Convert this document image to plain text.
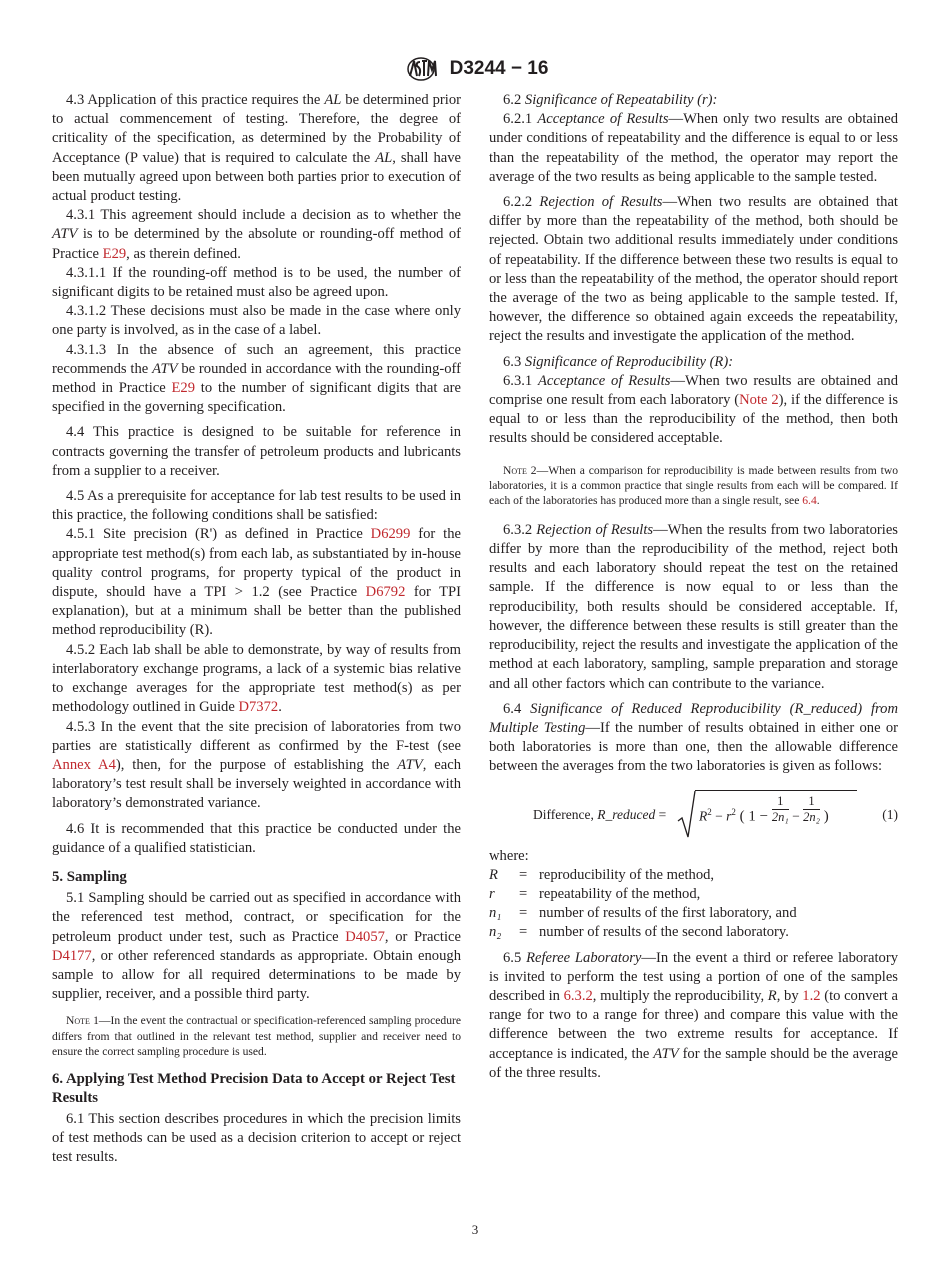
D3244 − 16

4.3 Application of this practice requires the AL be determined prior to actual commencement of testing. Therefore, the degree of criticality of the specification, as determined by the Probability of Acceptance (P value) that is required to calculate the AL, shall have been mutually agreed upon between both parties prior to execution of actual product testing.

4.3.1 This agreement should include a decision as to whether the ATV is to be determined by the absolute or rounding-off method of Practice E29, as therein defined.

4.3.1.1 If the rounding-off method is to be used, the number of significant digits to be retained must also be agreed upon.

4.3.1.2 These decisions must also be made in the case where only one party is involved, as in the case of a label.

4.3.1.3 In the absence of such an agreement, this practice recommends the ATV be rounded in accordance with the rounding-off method in Practice E29 to the number of significant digits that are specified in the governing specification.

4.4 This practice is designed to be suitable for reference in contracts governing the transfer of petroleum products and lubricants from a supplier to a receiver.

4.5 As a prerequisite for acceptance for lab test results to be used in this practice, the following conditions shall be satisfied:

4.5.1 Site precision (R') as defined in Practice D6299 for the appropriate test method(s) from each lab, as substantiated by in-house quality control programs, for property typical of the product in dispute, should have a TPI > 1.2 (see Practice D6792 for TPI explanation), but at a minimum shall be better than the published method reproducibility (R).

4.5.2 Each lab shall be able to demonstrate, by way of results from interlaboratory exchange programs, a lack of a systemic bias relative to exchange averages for the appropriate test method(s) as per methodology outlined in Guide D7372.

4.5.3 In the event that the site precision of laboratories from two parties are statistically different as confirmed by the F-test (see Annex A4), then, for the purpose of establishing the ATV, each laboratory’s test result shall be inversely weighted in accordance with laboratory’s demonstrated variance.

4.6 It is recommended that this practice be conducted under the guidance of a qualified statistician.

5. Sampling

5.1 Sampling should be carried out as specified in accordance with the referenced test method, contract, or specification for the petroleum product under test, such as Practice D4057, or Practice D4177, or other referenced standards as appropriate. Obtain enough sample to allow for all required determinations to be made by supplier, receiver, and a possible third party.

Note 1—In the event the contractual or specification-referenced sampling procedure differs from that outlined in the relevant test method, supplier and receiver need to ensure the correct sampling procedure is used.
6. Applying Test Method Precision Data to Accept or Reject Test Results

6.1 This section describes procedures in which the precision limits of test methods can be used as a decision criterion to accept or reject test results.

6.2 Significance of Repeatability (r):

6.2.1 Acceptance of Results—When only two results are obtained under conditions of repeatability and the difference is equal to or less than the repeatability of the method, the operator may report the average of the two results as being applicable to the sample tested.

6.2.2 Rejection of Results—When two results are obtained that differ by more than the repeatability of the method, both should be rejected. Obtain two additional results immediately under conditions of repeatability. If the difference between these two results is equal to or less than the repeatability of the method, the operator should report the average of the two as being applicable to the sample tested. If, however, the difference so obtained again exceeds the repeatability, reject the results and investigate the application of the method.

6.3 Significance of Reproducibility (R):

6.3.1 Acceptance of Results—When two results are obtained and comprise one result from each laboratory (Note 2), if the difference is equal to or less than the reproducibility of the method, then both results should be considered acceptable.

Note 2—When a comparison for reproducibility is made between results from two laboratories, it is a common practice that single results from each will be compared. If each of the laboratories has produced more than a single result, see 6.4.

6.3.2 Rejection of Results—When the results from two laboratories differ by more than the reproducibility of the method, reject both results and each laboratory should repeat the test on the retained sample. If the difference is now equal to or less than the reproducibility, both results should be considered acceptable. If, however, the difference between these results is still greater than the reproducibility, reject the results and investigate the application of the method at each laboratory, sampling, sample preparation and storage and all other factors which can contribute to the variance.

6.4 Significance of Reduced Reproducibility (R_reduced) from Multiple Testing—If the number of results obtained in either one or both laboratories is more than one, then the allowable difference between the averages from the two laboratories is given as follows:

Difference, R_reduced = $R^2 - r^2$ ( $1 - \frac{1}{\text{2n₁}} - \frac{1}{\text{2n₂}}$ )	(1)
where:
R	= reproducibility of the method,
r	= repeatability of the method,
n₁	= number of results of the first laboratory, and
n₂	= number of results of the second laboratory.

6.5 Referee Laboratory—In the event a third or referee laboratory is invited to perform the test using a portion of one of the samples described in 6.3.2, multiply the reproducibility, R, by 1.2 (to convert a range for two to a range for three) and compare this value with the difference between the two extreme results for acceptance. If acceptance is indicated, the ATV for the sample should be the average of the three results.

3
